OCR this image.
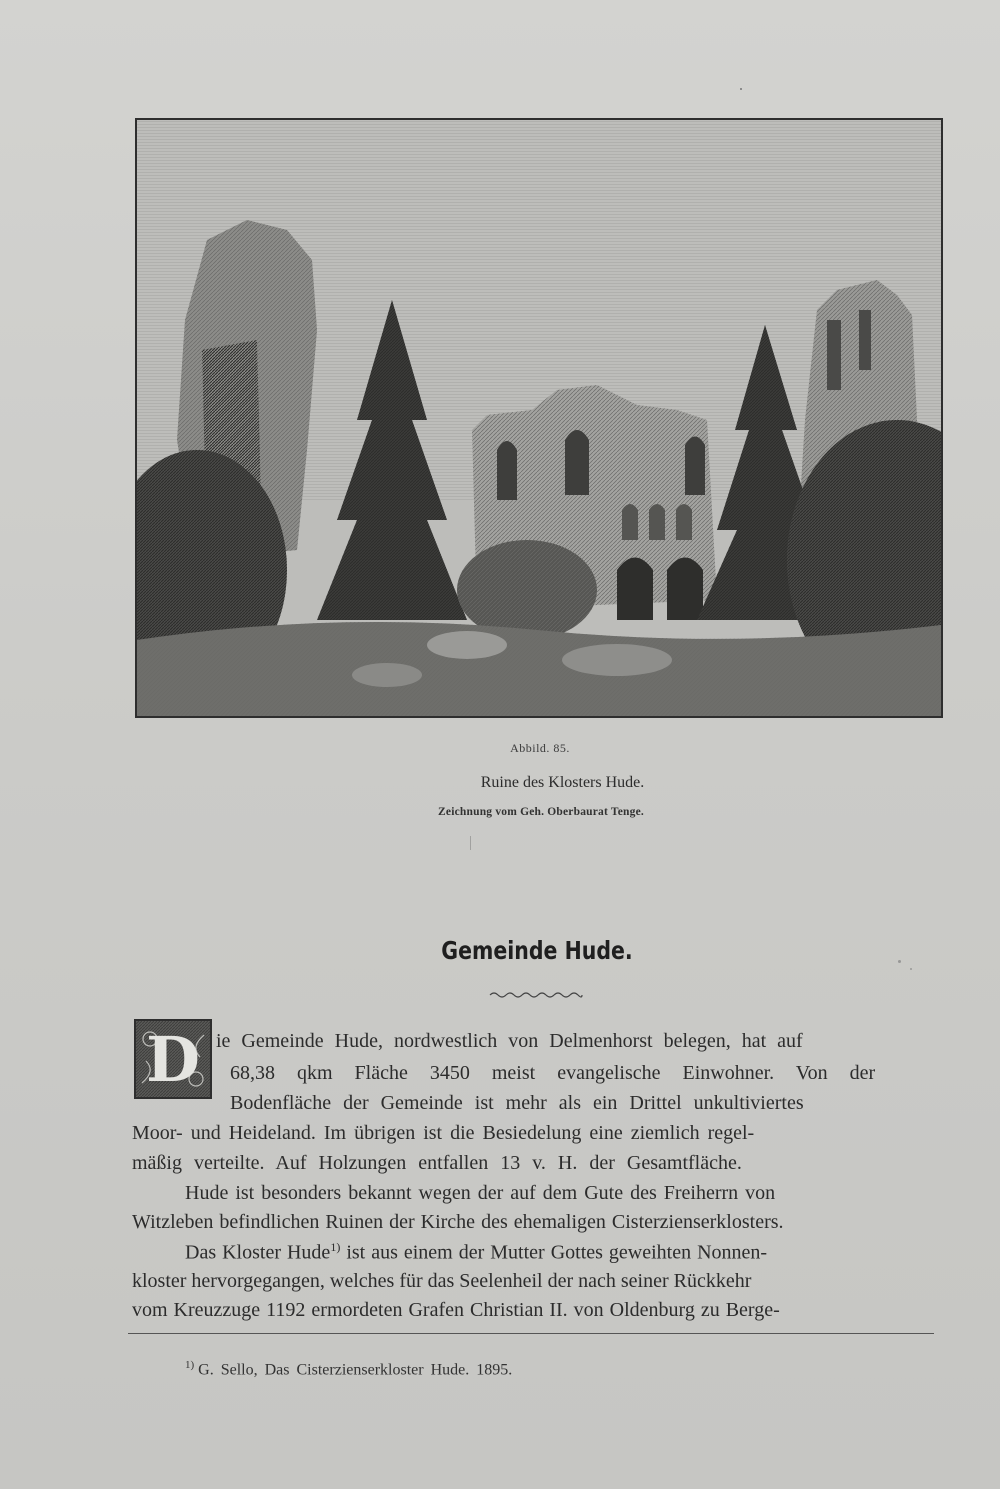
Abbild. 85.
Ruine des Klosters Hude.
Zeichnung vom Geh. Oberbaurat Tenge.
Gemeinde Hude.
D ie Gemeinde Hude, nordwestlich von Delmenhorst belegen, hat auf
68,38 qkm Fläche 3450 meist evangelische Einwohner. Von der
Bodenfläche der Gemeinde ist mehr als ein Drittel unkultiviertes
Moor- und Heideland. Im übrigen ist die Besiedelung eine ziemlich regel-
mäßig verteilte. Auf Holzungen entfallen 13 v. H. der Gesamtfläche.
Hude ist besonders bekannt wegen der auf dem Gute des Freiherrn von
Witzleben befindlichen Ruinen der Kirche des ehemaligen Cisterzienserklosters.
Das Kloster Hude$^{1)}$ ist aus einem der Mutter Gottes geweihten Nonnen-
kloster hervorgegangen, welches für das Seelenheil der nach seiner Rückkehr
vom Kreuzzuge 1192 ermordeten Grafen Christian II. von Oldenburg zu Berge-
$^{1)}$ G. Sello, Das Cisterzienserkloster Hude. 1895.
